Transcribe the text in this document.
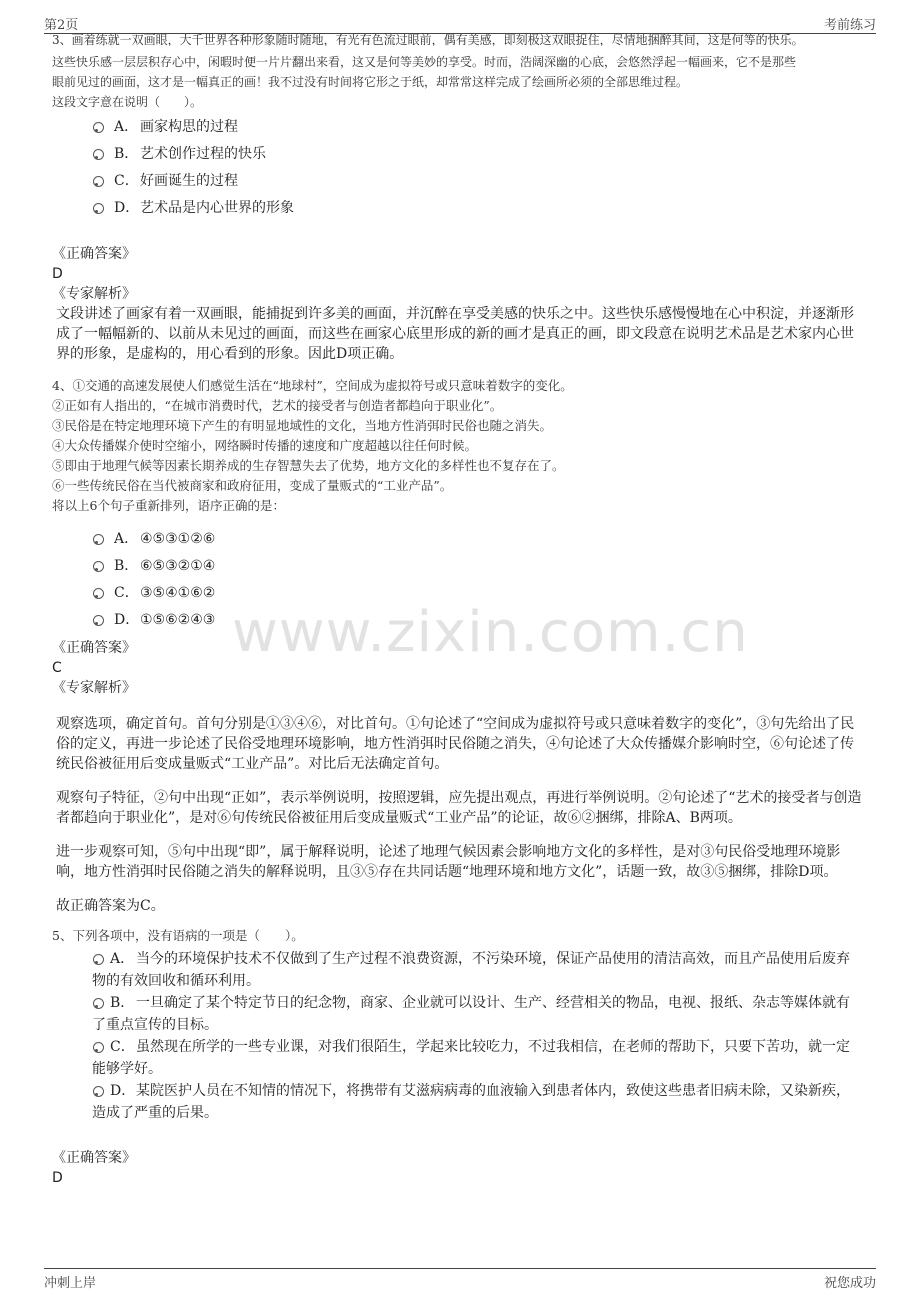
第2页	考前练习
www.zixin.com.cn

3、画着练就一双画眼，大千世界各种形象随时随地，有光有色流过眼前，偶有美感，即刻极这双眼捉住，尽情地捆醉其间，这是何等的快乐。

这些快乐感一层层积存心中，闲暇时便一片片翻出来看，这又是何等美妙的享受。时而，浩阔深幽的心底，会悠然浮起一幅画来，它不是那些

眼前见过的画面，这才是一幅真正的画！我不过没有时间将它形之于纸，却常常这样完成了绘画所必须的全部思维过程。

这段文字意在说明（　　）。

A． 画家构思的过程

B． 艺术创作过程的快乐

C．好画诞生的过程

D．艺术品是内心世界的形象

《正确答案》

D

《专家解析》

文段讲述了画家有着一双画眼，能捕捉到许多美的画面，并沉醉在享受美感的快乐之中。这些快乐感慢慢地在心中积淀，并逐渐形成了一幅幅新的、以前从未见过的画面，而这些在画家心底里形成的新的画才是真正的画，即文段意在说明艺术品是艺术家内心世界的形象，是虚构的，用心看到的形象。因此D项正确。

4、①交通的高速发展使人们感觉生活在“地球村”，空间成为虚拟符号或只意味着数字的变化。

②正如有人指出的，“在城市消费时代，艺术的接受者与创造者都趋向于职业化”。

③民俗是在特定地理环境下产生的有明显地域性的文化，当地方性消弭时民俗也随之消失。

④大众传播媒介使时空缩小，网络瞬时传播的速度和广度超越以往任何时候。

⑤即由于地理气候等因素长期养成的生存智慧失去了优势，地方文化的多样性也不复存在了。

⑥一些传统民俗在当代被商家和政府征用，变成了量贩式的“工业产品”。

将以上6个句子重新排列，语序正确的是：

A． ④⑤③①②⑥

B． ⑥⑤③②①④

C．③⑤④①⑥②

D．①⑤⑥②④③

《正确答案》

C

《专家解析》

观察选项，确定首句。首句分别是①③④⑥，对比首句。①句论述了“空间成为虚拟符号或只意味着数字的变化”，③句先给出了民俗的定义，再进一步论述了民俗受地理环境影响，地方性消弭时民俗随之消失，④句论述了大众传播媒介影响时空，⑥句论述了传统民俗被征用后变成量贩式“工业产品”。对比后无法确定首句。

观察句子特征，②句中出现“正如”，表示举例说明，按照逻辑，应先提出观点，再进行举例说明。②句论述了“艺术的接受者与创造者都趋向于职业化”，是对⑥句传统民俗被征用后变成量贩式“工业产品”的论证，故⑥②捆绑，排除A、B两项。

进一步观察可知，⑤句中出现“即”，属于解释说明，论述了地理气候因素会影响地方文化的多样性，是对③句民俗受地理环境影响，地方性消弭时民俗随之消失的解释说明，且③⑤存在共同话题“地理环境和地方文化”，话题一致，故③⑤捆绑，排除D项。

故正确答案为C。

5、下列各项中，没有语病的一项是（　　）。

A． 当今的环境保护技术不仅做到了生产过程不浪费资源，不污染环境，保证产品使用的清洁高效，而且产品使用后废弃物的有效回收和循环利用。

B． 一旦确定了某个特定节日的纪念物，商家、企业就可以设计、生产、经营相关的物品，电视、报纸、杂志等媒体就有了重点宣传的目标。

C．虽然现在所学的一些专业课，对我们很陌生，学起来比较吃力，不过我相信，在老师的帮助下，只要下苦功，就一定能够学好。

D．某院医护人员在不知情的情况下，将携带有艾滋病病毒的血液输入到患者体内，致使这些患者旧病未除，又染新疾，造成了严重的后果。

《正确答案》

D

冲刺上岸	祝您成功
